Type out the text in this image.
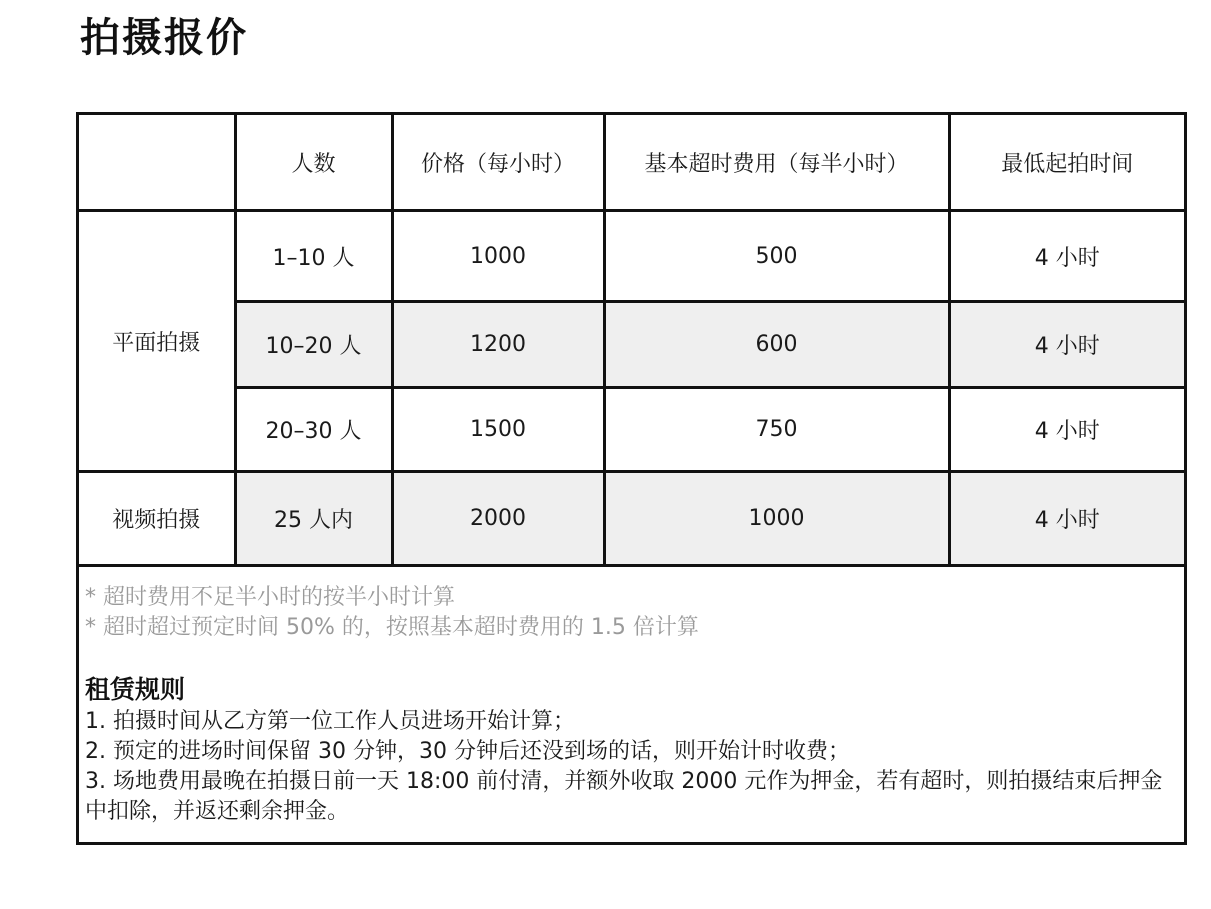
拍摄报价
	人数	价格（每小时）	基本超时费用（每半小时）	最低起拍时间
平面拍摄	1–10 人	1000	500	4 小时
	10–20 人	1200	600	4 小时
	20–30 人	1500	750	4 小时
视频拍摄	25 人内	2000	1000	4 小时
* 超时费用不足半小时的按半小时计算
* 超时超过预定时间 50% 的，按照基本超时费用的 1.5 倍计算
租赁规则
1. 拍摄时间从乙方第一位工作人员进场开始计算；
2. 预定的进场时间保留 30 分钟，30 分钟后还没到场的话，则开始计时收费；
3. 场地费用最晚在拍摄日前一天 18:00 前付清，并额外收取 2000 元作为押金，若有超时，则拍摄结束后押金中扣除，并返还剩余押金。
